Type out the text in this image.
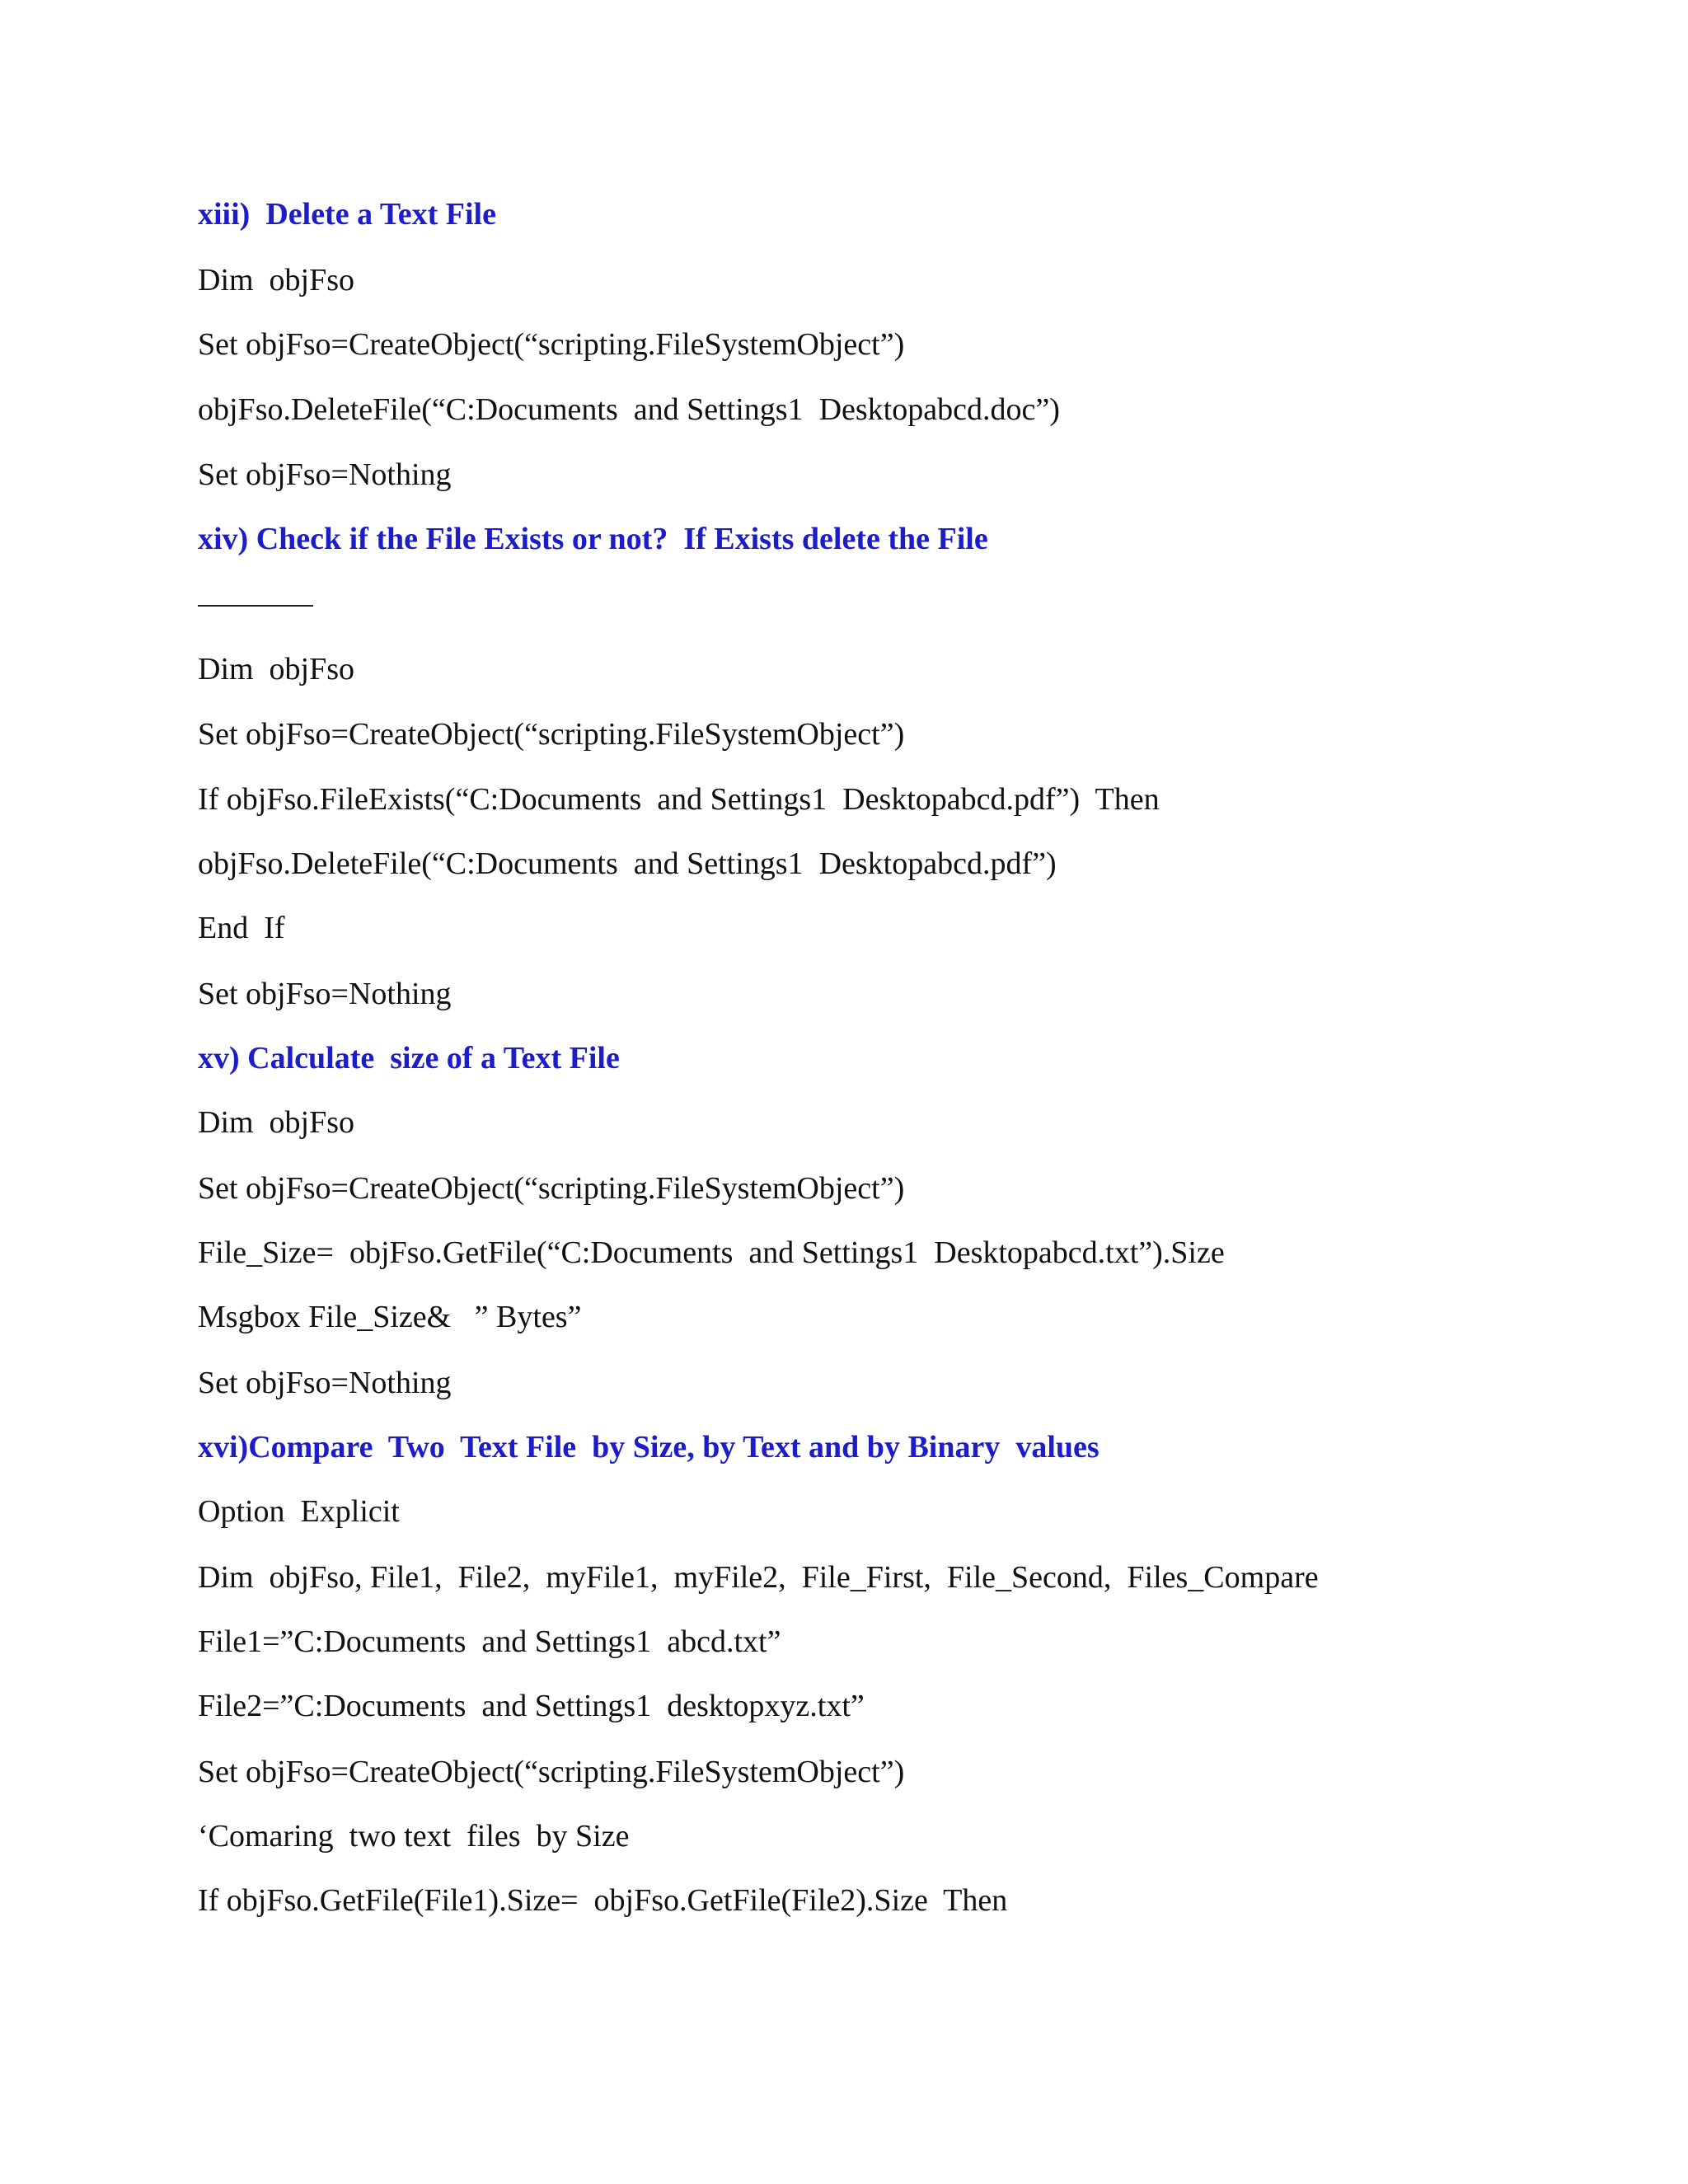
xiii)  Delete a Text File
Dim  objFso
Set objFso=CreateObject(“scripting.FileSystemObject”)
objFso.DeleteFile(“C:Documents  and Settings1  Desktopabcd.doc”)
Set objFso=Nothing
xiv) Check if the File Exists or not?  If Exists delete the File
Dim  objFso
Set objFso=CreateObject(“scripting.FileSystemObject”)
If objFso.FileExists(“C:Documents  and Settings1  Desktopabcd.pdf”)  Then
objFso.DeleteFile(“C:Documents  and Settings1  Desktopabcd.pdf”)
End  If
Set objFso=Nothing
xv) Calculate  size of a Text File
Dim  objFso
Set objFso=CreateObject(“scripting.FileSystemObject”)
File_Size=  objFso.GetFile(“C:Documents  and Settings1  Desktopabcd.txt”).Size
Msgbox File_Size&   ” Bytes”
Set objFso=Nothing
xvi)Compare  Two  Text File  by Size, by Text and by Binary  values
Option  Explicit
Dim  objFso, File1,  File2,  myFile1,  myFile2,  File_First,  File_Second,  Files_Compare
File1=”C:Documents  and Settings1  abcd.txt”
File2=”C:Documents  and Settings1  desktopxyz.txt”
Set objFso=CreateObject(“scripting.FileSystemObject”)
‘Comaring  two text  files  by Size
If objFso.GetFile(File1).Size=  objFso.GetFile(File2).Size  Then
